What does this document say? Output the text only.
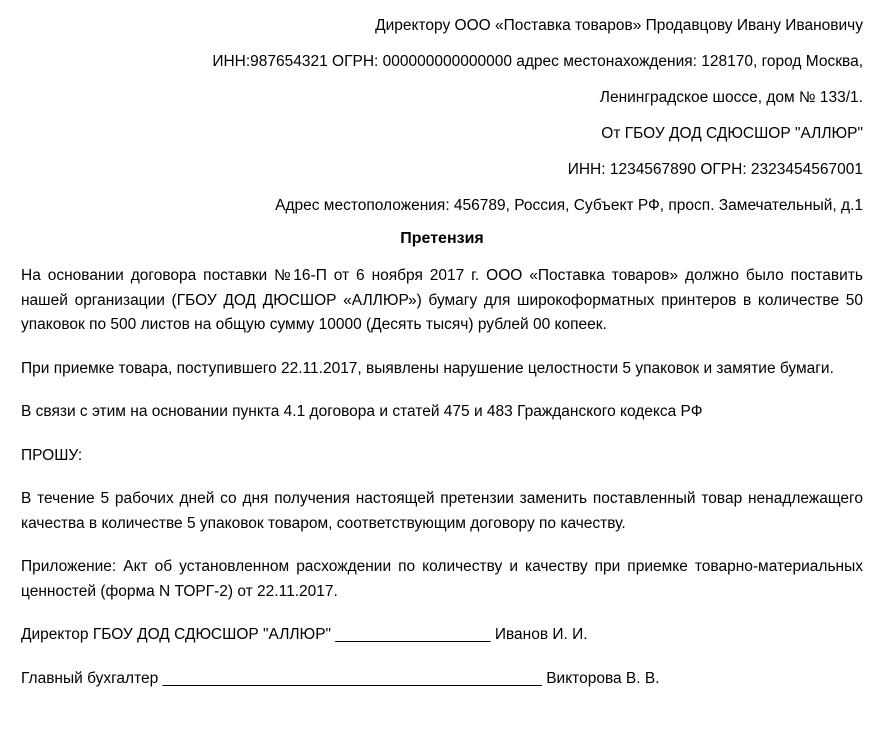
Директору ООО «Поставка товаров» Продавцову Ивану Ивановичу
ИНН:987654321 ОГРН: 000000000000000 адрес местонахождения: 128170, город Москва,
Ленинградское шоссе, дом № 133/1.
От ГБОУ ДОД СДЮСШОР "АЛЛЮР"
ИНН: 1234567890 ОГРН: 2323454567001
Адрес местоположения: 456789, Россия, Субъект РФ, просп. Замечательный, д.1
Претензия

На основании договора поставки №16-П от 6 ноября 2017 г. ООО «Поставка товаров» должно было поставить нашей организации (ГБОУ ДОД ДЮСШОР «АЛЛЮР») бумагу для широкоформатных принтеров в количестве 50 упаковок по 500 листов на общую сумму 10000 (Десять тысяч) рублей 00 копеек.

При приемке товара, поступившего 22.11.2017, выявлены нарушение целостности 5 упаковок и замятие бумаги.

В связи с этим на основании пункта 4.1 договора и статей 475 и 483 Гражданского кодекса РФ

ПРОШУ:

В течение 5 рабочих дней со дня получения настоящей претензии заменить поставленный товар ненадлежащего качества в количестве 5 упаковок товаром, соответствующим договору по качеству.

Приложение: Акт об установленном расхождении по количеству и качеству при приемке товарно-материальных ценностей (форма N ТОРГ-2) от 22.11.2017.

Директор ГБОУ ДОД СДЮСШОР "АЛЛЮР" __________________ Иванов И. И.
Главный бухгалтер ____________________________________________ Викторова В. В.
